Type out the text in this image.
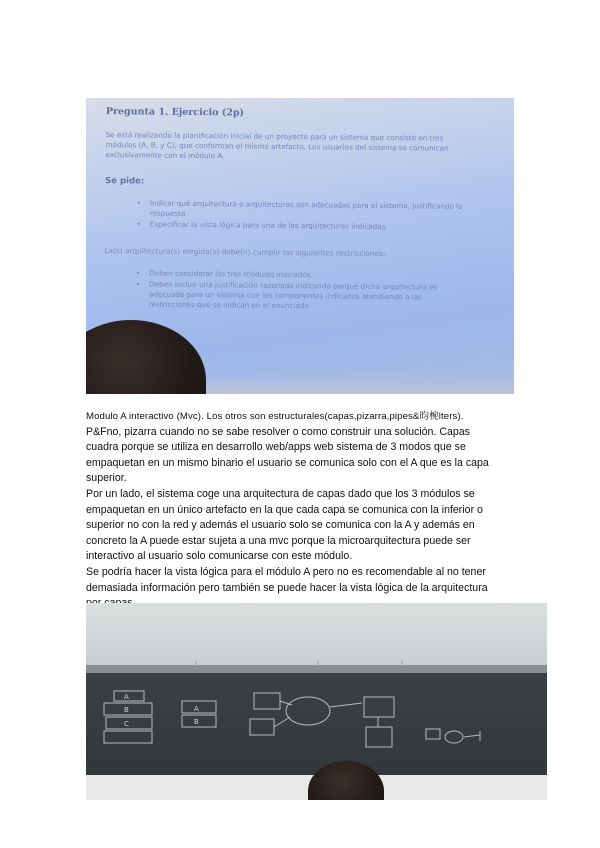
Pregunta 1. Ejercicio (2p)
Se está realizando la planificación inicial de un proyecto para un sistema que consiste en tres módulos (A, B, y C), que conforman el mismo artefacto. Los usuarios del sistema se comunican exclusivamente con el módulo A.
Se pide:
• Indicar qué arquitectura o arquitecturas son adecuadas para el sistema, justificando la respuesta
• Especificar la vista lógica para una de las arquitecturas indicadas
La(s) arquitectura(s) elegida(s) debe(n) cumplir las siguientes restricciones:
• Deben considerar los tres módulos indicados
• Deben incluir una justificación razonada indicando porqué dicha arquitectura es adecuada para un sistema con los componentes indicados atendiendo a las restricciones que se indican en el enunciado

Modulo A interactivo (Mvc). Los otros son estructurales(capas,pizarra,pipes&昀椀lters).

P&Fno, pizarra cuando no se sabe resolver o como construir una solución. Capas

cuadra porque se utiliza en desarrollo web/apps web sistema de 3 modos que se

empaquetan en un mismo binario el usuario se comunica solo con el A que es la capa

superior.

Por un lado, el sistema coge una arquitectura de capas dado que los 3 módulos se

empaquetan en un único artefacto en la que cada capa se comunica con la inferior o

superior no con la red y además el usuario solo se comunica con la A y además en

concreto la A puede estar sujeta a una mvc porque la microarquitectura puede ser

interactivo al usuario solo comunicarse con este módulo.

Se podría hacer la vista lógica para el módulo A pero no es recomendable al no tener

demasiada información pero también se puede hacer la vista lógica de la arquitectura

A
B
C
A
B
